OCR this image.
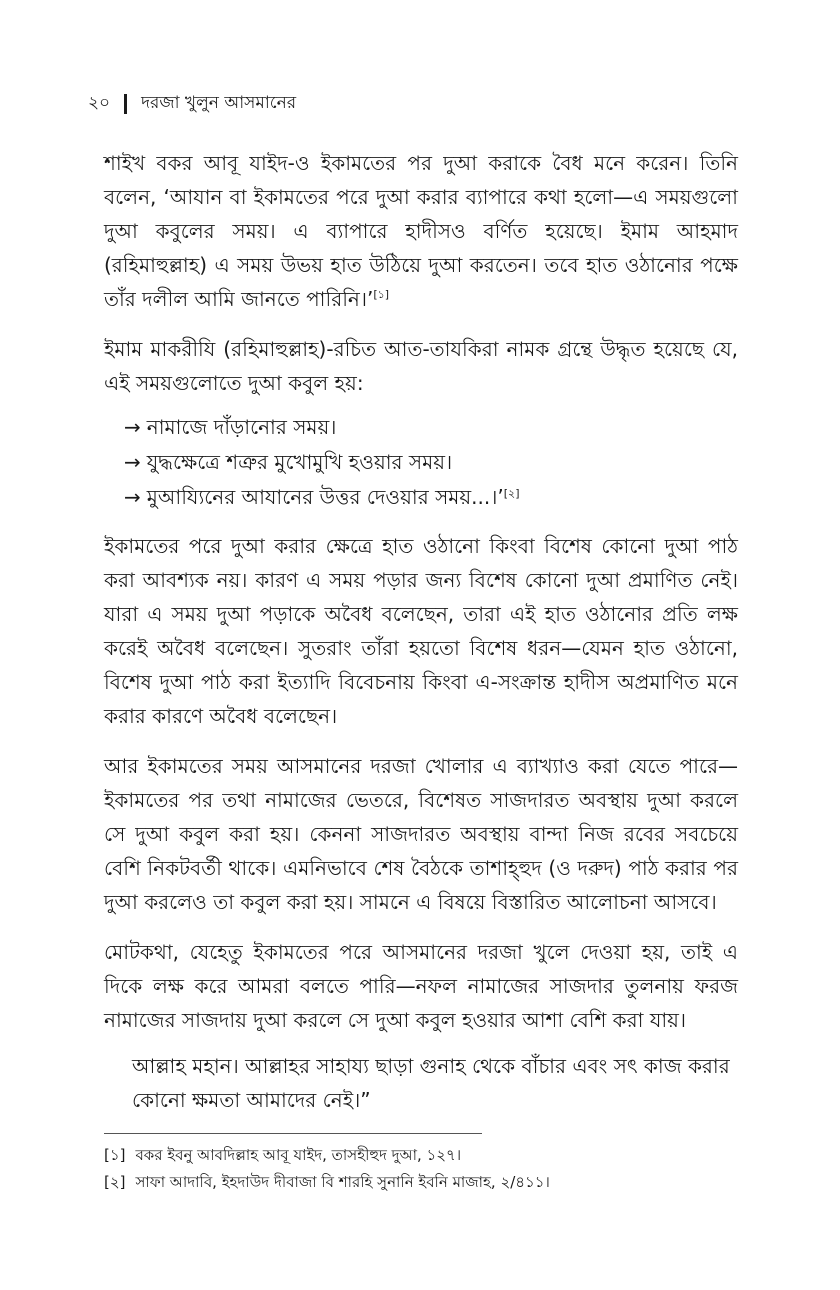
২০ দরজা খুলুন আসমানের

শাইখ বকর আবূ যাইদ-ও ইকামতের পর দুআ করাকে বৈধ মনে করেন। তিনি বলেন, ‘আযান বা ইকামতের পরে দুআ করার ব্যাপারে কথা হলো—এ সময়গুলো দুআ কবুলের সময়। এ ব্যাপারে হাদীসও বর্ণিত হয়েছে। ইমাম আহমাদ (রহিমাহুল্লাহ) এ সময় উভয় হাত উঠিয়ে দুআ করতেন। তবে হাত ওঠানোর পক্ষে তাঁর দলীল আমি জানতে পারিনি।’[১]

ইমাম মাকরীযি (রহিমাহুল্লাহ)-রচিত আত-তাযকিরা নামক গ্রন্থে উদ্ধৃত হয়েছে যে, এই সময়গুলোতে দুআ কবুল হয়:

→ নামাজে দাঁড়ানোর সময়।
→ যুদ্ধক্ষেত্রে শত্রুর মুখোমুখি হওয়ার সময়।
→ মুআয্যিনের আযানের উত্তর দেওয়ার সময়...।’[২]

ইকামতের পরে দুআ করার ক্ষেত্রে হাত ওঠানো কিংবা বিশেষ কোনো দুআ পাঠ করা আবশ্যক নয়। কারণ এ সময় পড়ার জন্য বিশেষ কোনো দুআ প্রমাণিত নেই। যারা এ সময় দুআ পড়াকে অবৈধ বলেছেন, তারা এই হাত ওঠানোর প্রতি লক্ষ করেই অবৈধ বলেছেন। সুতরাং তাঁরা হয়তো বিশেষ ধরন—যেমন হাত ওঠানো, বিশেষ দুআ পাঠ করা ইত্যাদি বিবেচনায় কিংবা এ-সংক্রান্ত হাদীস অপ্রমাণিত মনে করার কারণে অবৈধ বলেছেন।

আর ইকামতের সময় আসমানের দরজা খোলার এ ব্যাখ্যাও করা যেতে পারে—ইকামতের পর তথা নামাজের ভেতরে, বিশেষত সাজদারত অবস্থায় দুআ করলে সে দুআ কবুল করা হয়। কেননা সাজদারত অবস্থায় বান্দা নিজ রবের সবচেয়ে বেশি নিকটবর্তী থাকে। এমনিভাবে শেষ বৈঠকে তাশাহ্হুদ (ও দরুদ) পাঠ করার পর দুআ করলেও তা কবুল করা হয়। সামনে এ বিষয়ে বিস্তারিত আলোচনা আসবে।

মোটকথা, যেহেতু ইকামতের পরে আসমানের দরজা খুলে দেওয়া হয়, তাই এ দিকে লক্ষ করে আমরা বলতে পারি—নফল নামাজের সাজদার তুলনায় ফরজ নামাজের সাজদায় দুআ করলে সে দুআ কবুল হওয়ার আশা বেশি করা যায়।

আল্লাহ মহান। আল্লাহর সাহায্য ছাড়া গুনাহ থেকে বাঁচার এবং সৎ কাজ করার কোনো ক্ষমতা আমাদের নেই।”

[১] বকর ইবনু আবদিল্লাহ আবূ যাইদ, তাসহীহুদ দুআ, ১২৭।
[২] সাফা আদাবি, ইহদাউদ দীবাজা বি শারহি সুনানি ইবনি মাজাহ, ২/৪১১।
